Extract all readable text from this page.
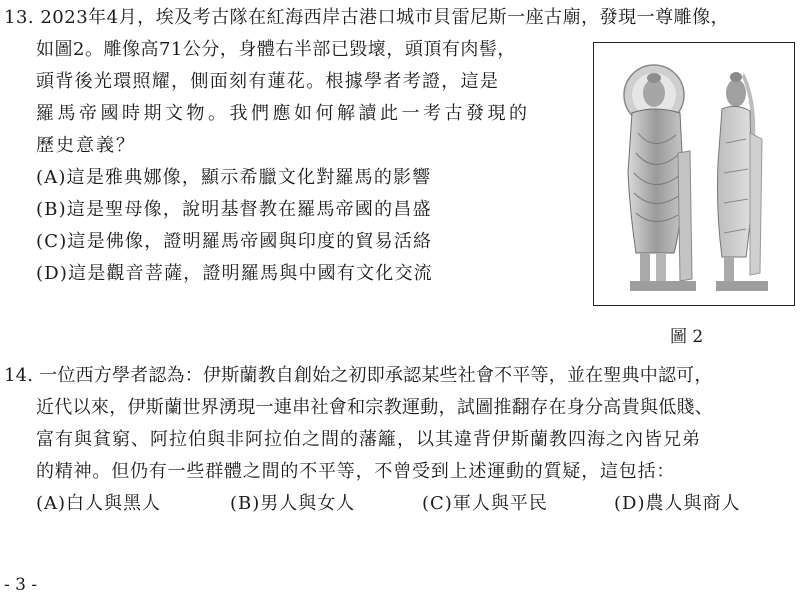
13. 2023年4月，埃及考古隊在紅海西岸古港口城市貝雷尼斯一座古廟，發現一尊雕像，
如圖2。雕像高71公分，身體右半部已毀壞，頭頂有肉髻，
頭背後光環照耀，側面刻有蓮花。根據學者考證，這是
羅馬帝國時期文物。我們應如何解讀此一考古發現的
歷史意義？
(A)這是雅典娜像，顯示希臘文化對羅馬的影響
(B)這是聖母像，說明基督教在羅馬帝國的昌盛
(C)這是佛像，證明羅馬帝國與印度的貿易活絡
(D)這是觀音菩薩，證明羅馬與中國有文化交流
圖 2
14. 一位西方學者認為：伊斯蘭教自創始之初即承認某些社會不平等，並在聖典中認可，
近代以來，伊斯蘭世界湧現一連串社會和宗教運動，試圖推翻存在身分高貴與低賤、
富有與貧窮、阿拉伯與非阿拉伯之間的藩籬，以其違背伊斯蘭教四海之內皆兄弟
的精神。但仍有一些群體之間的不平等，不曾受到上述運動的質疑，這包括：
(A)白人與黑人	(B)男人與女人	(C)軍人與平民	(D)農人與商人
- 3 -
